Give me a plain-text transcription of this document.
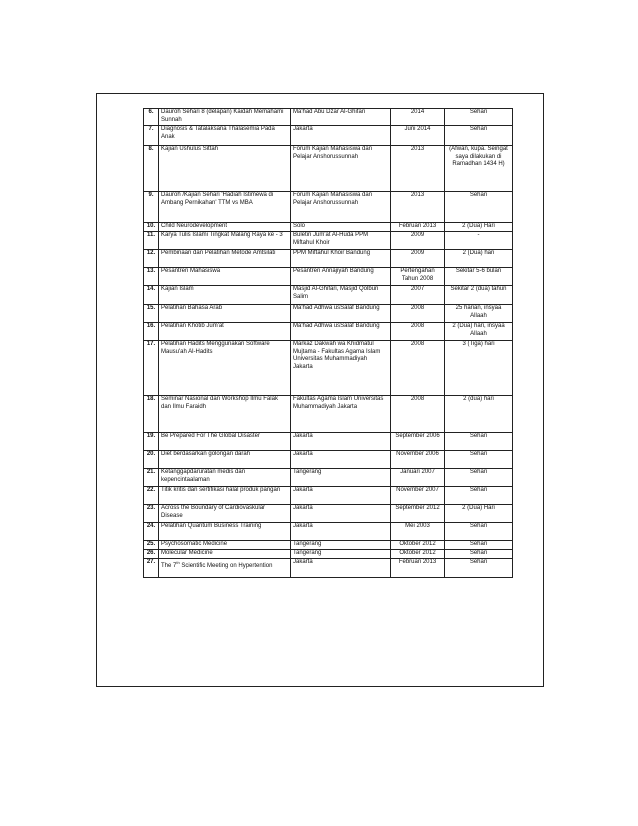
6.	Dauroh Sehari 8 (delapan) Kaidah Memahami Sunnah	Ma'had Abu Dzar Al-Ghifari	2014	Sehari
7.	Diagnosis & Tatalaksana Thalasemia Pada Anak	Jakarta	Juni 2014	Sehari
8.	Kajian Ushulus Sittah	Forum Kajian Mahasiswa dan Pelajar Anshorussunnah	2013	(Afwan, kupa. Seingat saya dilakukan di Ramadhan 1434 H)
9.	Dauroh /Kajian Sehari 'Hadiah Istimewa di Ambang Pernikahan' TTM vs MBA	Forum Kajian Mahasiswa dan Pelajar Anshorussunnah	2013	Sehari
10.	Child Neurodevelopment	Solo	Februari 2013	2 (Dua) Hari
11.	Karya Tulis Islami Tingkat Malang Raya ke - 3	Buletin Jum'at Al-Huda PPM Miftahul Khoir	2009	-
12.	Pembinaan dan Pelatihan Metode Amtsilati	PPM Miftahul Khoir Bandung	2009	2 (Dua) hari
13.	Pesantren Mahasiswa	Pesantren Annajiyah Bandung	Pertengahan Tahun 2008	Sekitar 5-6 bulan
14.	Kajian Islam	Masjid Al-Ghifari, Masjid Qolbun Salim	2007	Sekitar 2 (dua) tahun
15.	Pelatihan Bahasa Arab	Ma'had Adhwa usSalaf Bandung	2008	25 harian, insyaa Allaah
16.	Pelatihan Khotib Jum'at	Ma'had Adhwa usSalaf Bandung	2008	2 (Dua) hari, insyaa Allaah
17.	Pelatihan Hadits Menggunakan Software Mausu'ah Al-Hadits	Markaz Dakwah wa Khidmatul Mujtama - Fakultas Agama Islam Universitas Muhammadiyah Jakarta	2008	3 (Tiga) hari
18.	Seminar Nasional dan Workshop Ilmu Falak dan Ilmu Faraidh	Fakultas Agama Islam Universitas Muhammadiyah Jakarta	2008	2 (dua) hari
19.	Be Prepared For The Global Disaster	Jakarta	September 2006	Sehari
20.	Diet berdasarkan golongan darah	Jakarta	November 2006	Sehari
21.	Ketanggapdaruratan medis dan kepencintaalaman	Tangerang	Januari 2007	Sehari
22.	Titik kritis dan sertifikasi halal produk pangan	Jakarta	November 2007	Sehari
23.	Across the Boundary of Cardiovaskular Disease	Jakarta	September 2012	2 (Dua) Hari
24.	Pelatihan Quantum Business Training	Jakarta	Mei 2003	Sehari
25.	Psychosomatic Medicine	Tangerang	Oktober 2012	Sehari
26.	Molecular Medicine	Tangerang	Oktober 2012	Sehari
27.	The 7th Scientific Meeting on Hypertention	Jakarta	Februari 2013	Sehari
